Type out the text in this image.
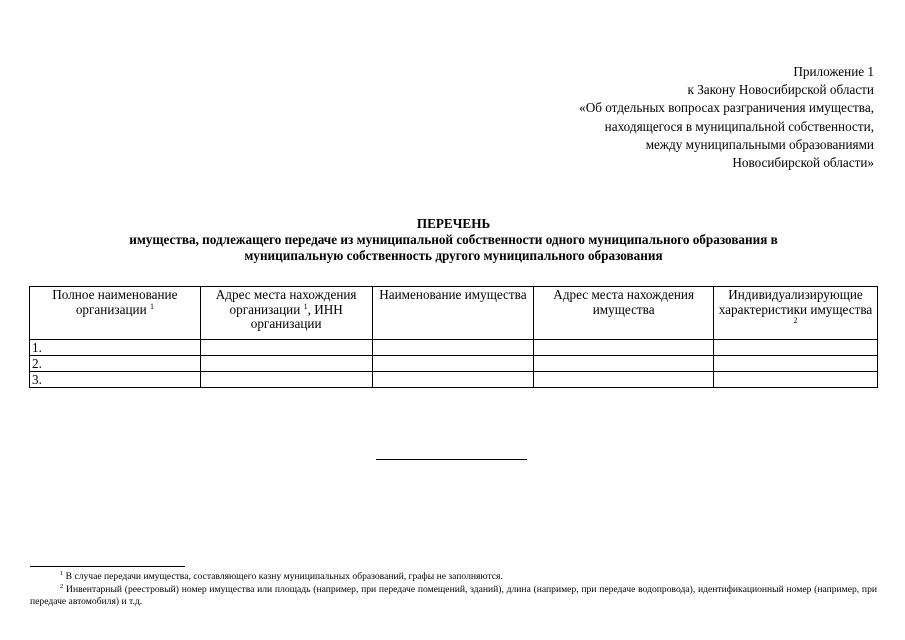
Приложение 1
к Закону Новосибирской области
«Об отдельных вопросах разграничения имущества,
находящегося в муниципальной собственности,
между муниципальными образованиями
Новосибирской области»
ПЕРЕЧЕНЬ
имущества, подлежащего передаче из муниципальной собственности одного муниципального образования в
муниципальную собственность другого муниципального образования
Полное наименование организации $^1$	Адрес места нахождения организации $^1$, ИНН организации	Наименование имущества	Адрес места нахождения имущества	Индивидуализирующие характеристики имущества $^2$
1.				
2.				
3.				

$^1$ В случае передачи имущества, составляющего казну муниципальных образований, графы не заполняются.

$^2$ Инвентарный (реестровый) номер имущества или площадь (например, при передаче помещений, зданий), длина (например, при передаче водопровода), идентификационный номер (например, при передаче автомобиля) и т.д.
